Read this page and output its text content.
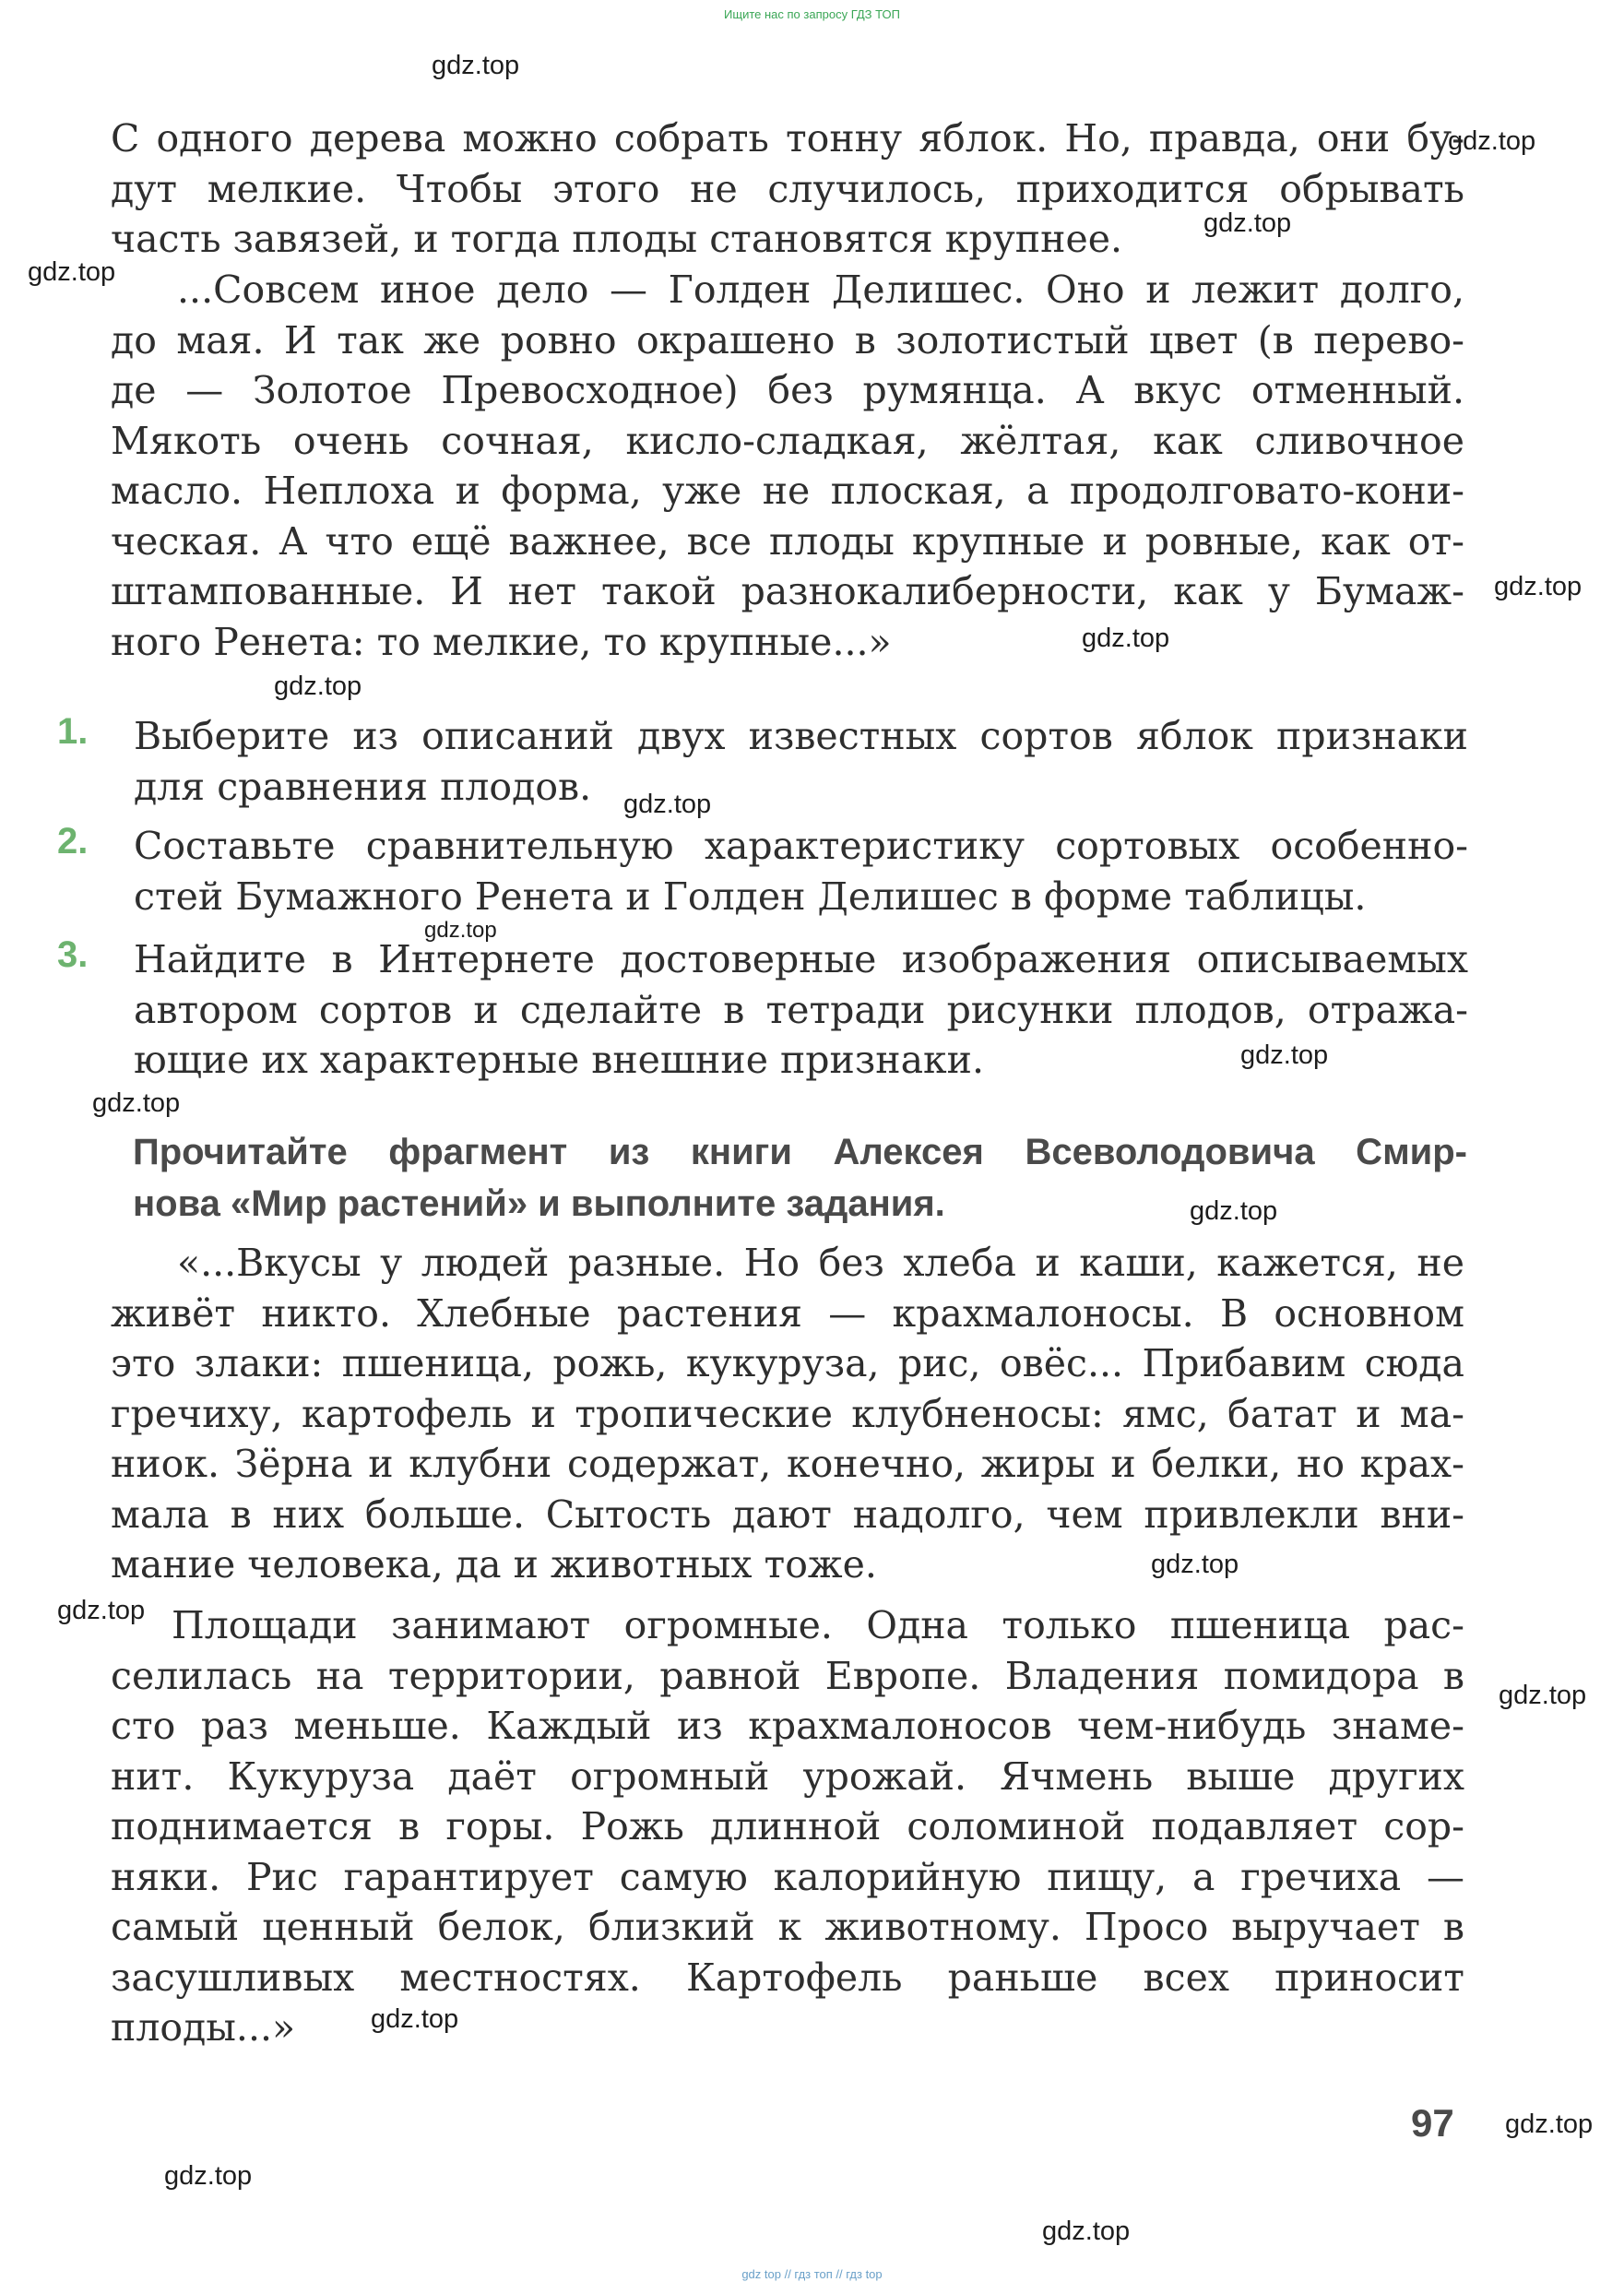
Ищите нас по запросу ГДЗ ТОП
С одного дерева можно собрать тонну яблок. Но, правда, они бу-
дут мелкие. Чтобы этого не случилось, приходится обрывать
часть завязей, и тогда плоды становятся крупнее.
...Совсем иное дело — Голден Делишес. Оно и лежит долго,
до мая. И так же ровно окрашено в золотистый цвет (в перево-
де — Золотое Превосходное) без румянца. А вкус отменный.
Мякоть очень сочная, кисло-сладкая, жёлтая, как сливочное
масло. Неплоха и форма, уже не плоская, а продолговато-кони-
ческая. А что ещё важнее, все плоды крупные и ровные, как от-
штампованные. И нет такой разнокалиберности, как у Бумаж-
ного Ренета: то мелкие, то крупные...»
1. Выберите из описаний двух известных сортов яблок признаки
для сравнения плодов.
2. Составьте сравнительную характеристику сортовых особенно-
стей Бумажного Ренета и Голден Делишес в форме таблицы.
3. Найдите в Интернете достоверные изображения описываемых
автором сортов и сделайте в тетради рисунки плодов, отража-
ющие их характерные внешние признаки.
Прочитайте фрагмент из книги Алексея Всеволодовича Смир-
нова «Мир растений» и выполните задания.
«...Вкусы у людей разные. Но без хлеба и каши, кажется, не
живёт никто. Хлебные растения — крахмалоносы. В основном
это злаки: пшеница, рожь, кукуруза, рис, овёс... Прибавим сюда
гречиху, картофель и тропические клубненосы: ямс, батат и ма-
ниок. Зёрна и клубни содержат, конечно, жиры и белки, но крах-
мала в них больше. Сытость дают надолго, чем привлекли вни-
мание человека, да и животных тоже.
Площади занимают огромные. Одна только пшеница рас-
селилась на территории, равной Европе. Владения помидора в
сто раз меньше. Каждый из крахмалоносов чем-нибудь знаме-
нит. Кукуруза даёт огромный урожай. Ячмень выше других
поднимается в горы. Рожь длинной соломиной подавляет сор-
няки. Рис гарантирует самую калорийную пищу, а гречиха —
самый ценный белок, близкий к животному. Просо выручает в
засушливых местностях. Картофель раньше всех приносит
плоды...»
97
gdz.top
gdz.top
gdz.top
gdz.top
gdz.top
gdz.top
gdz.top
gdz.top
gdz.top
gdz.top
gdz.top
gdz.top
gdz.top
gdz.top
gdz.top
gdz.top
gdz.top
gdz.top
gdz.top
gdz top // гдз топ // гдз top
